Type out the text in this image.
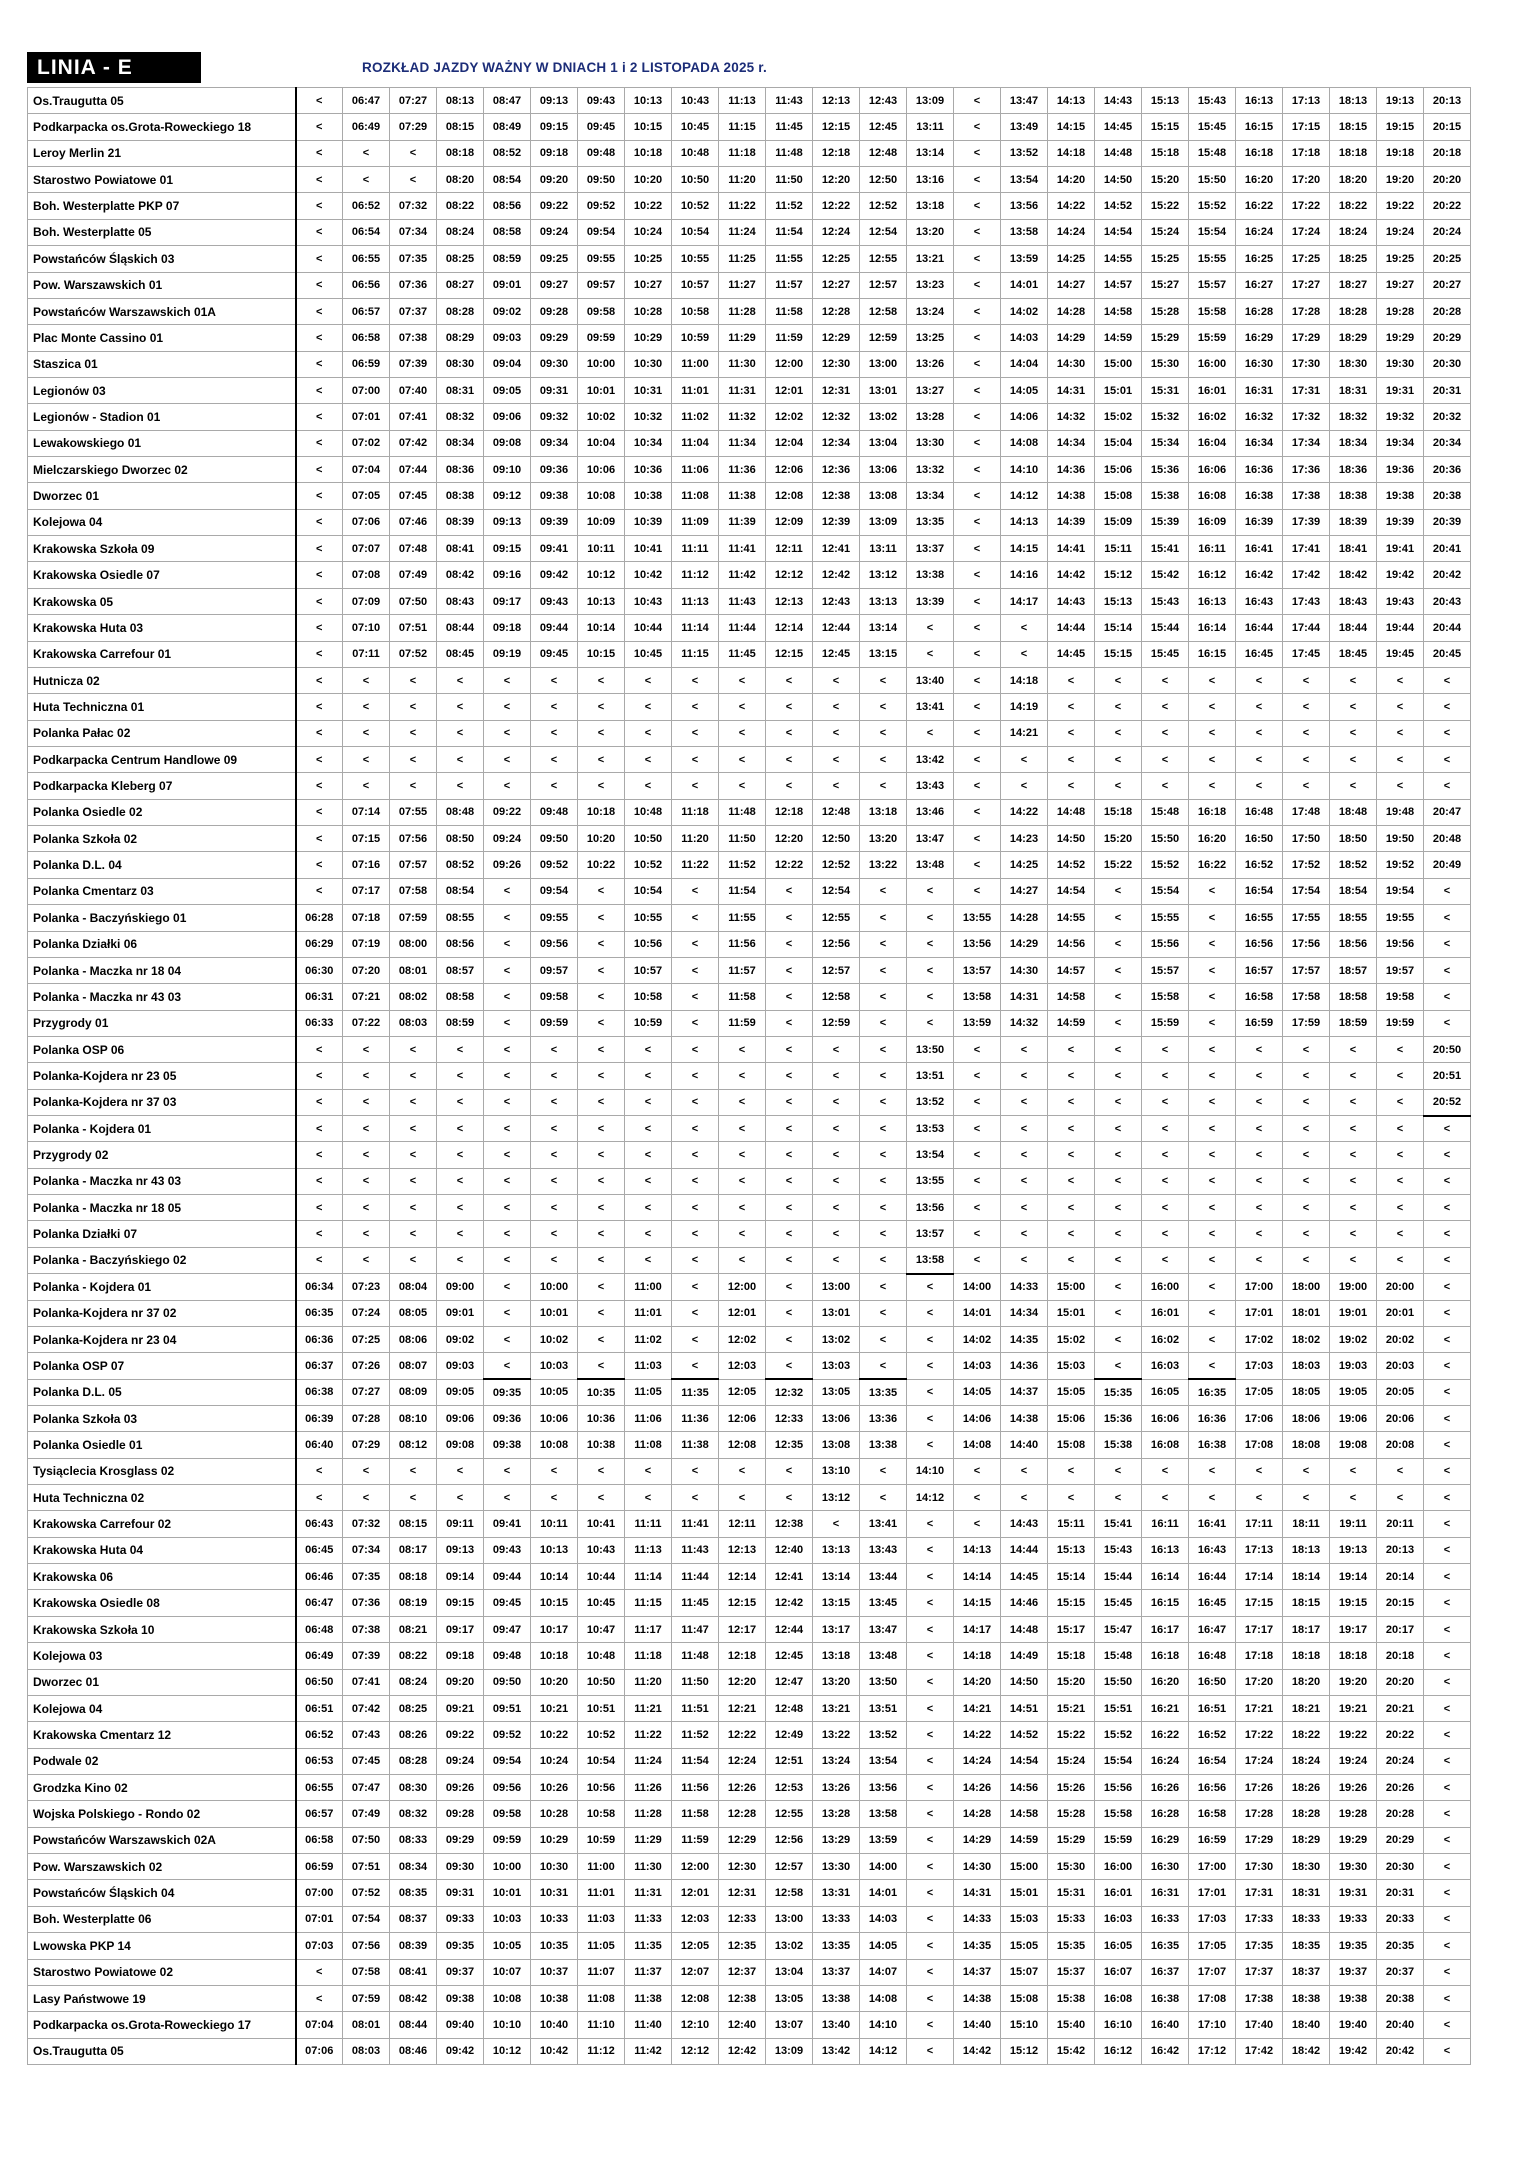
LINIA - E	ROZKŁAD JAZDY WAŻNY W DNIACH 1 i 2 LISTOPADA 2025 r.
Os.Traugutta 05	<	06:47	07:27	08:13	08:47	09:13	09:43	10:13	10:43	11:13	11:43	12:13	12:43	13:09	<	13:47	14:13	14:43	15:13	15:43	16:13	17:13	18:13	19:13	20:13
Podkarpacka os.Grota-Roweckiego 18	<	06:49	07:29	08:15	08:49	09:15	09:45	10:15	10:45	11:15	11:45	12:15	12:45	13:11	<	13:49	14:15	14:45	15:15	15:45	16:15	17:15	18:15	19:15	20:15
Leroy Merlin 21	<	<	<	08:18	08:52	09:18	09:48	10:18	10:48	11:18	11:48	12:18	12:48	13:14	<	13:52	14:18	14:48	15:18	15:48	16:18	17:18	18:18	19:18	20:18
Starostwo Powiatowe 01	<	<	<	08:20	08:54	09:20	09:50	10:20	10:50	11:20	11:50	12:20	12:50	13:16	<	13:54	14:20	14:50	15:20	15:50	16:20	17:20	18:20	19:20	20:20
Boh. Westerplatte PKP 07	<	06:52	07:32	08:22	08:56	09:22	09:52	10:22	10:52	11:22	11:52	12:22	12:52	13:18	<	13:56	14:22	14:52	15:22	15:52	16:22	17:22	18:22	19:22	20:22
Boh. Westerplatte 05	<	06:54	07:34	08:24	08:58	09:24	09:54	10:24	10:54	11:24	11:54	12:24	12:54	13:20	<	13:58	14:24	14:54	15:24	15:54	16:24	17:24	18:24	19:24	20:24
Powstańców Śląskich 03	<	06:55	07:35	08:25	08:59	09:25	09:55	10:25	10:55	11:25	11:55	12:25	12:55	13:21	<	13:59	14:25	14:55	15:25	15:55	16:25	17:25	18:25	19:25	20:25
Pow. Warszawskich 01	<	06:56	07:36	08:27	09:01	09:27	09:57	10:27	10:57	11:27	11:57	12:27	12:57	13:23	<	14:01	14:27	14:57	15:27	15:57	16:27	17:27	18:27	19:27	20:27
Powstańców Warszawskich 01A	<	06:57	07:37	08:28	09:02	09:28	09:58	10:28	10:58	11:28	11:58	12:28	12:58	13:24	<	14:02	14:28	14:58	15:28	15:58	16:28	17:28	18:28	19:28	20:28
Plac Monte Cassino 01	<	06:58	07:38	08:29	09:03	09:29	09:59	10:29	10:59	11:29	11:59	12:29	12:59	13:25	<	14:03	14:29	14:59	15:29	15:59	16:29	17:29	18:29	19:29	20:29
Staszica 01	<	06:59	07:39	08:30	09:04	09:30	10:00	10:30	11:00	11:30	12:00	12:30	13:00	13:26	<	14:04	14:30	15:00	15:30	16:00	16:30	17:30	18:30	19:30	20:30
Legionów 03	<	07:00	07:40	08:31	09:05	09:31	10:01	10:31	11:01	11:31	12:01	12:31	13:01	13:27	<	14:05	14:31	15:01	15:31	16:01	16:31	17:31	18:31	19:31	20:31
Legionów - Stadion 01	<	07:01	07:41	08:32	09:06	09:32	10:02	10:32	11:02	11:32	12:02	12:32	13:02	13:28	<	14:06	14:32	15:02	15:32	16:02	16:32	17:32	18:32	19:32	20:32
Lewakowskiego 01	<	07:02	07:42	08:34	09:08	09:34	10:04	10:34	11:04	11:34	12:04	12:34	13:04	13:30	<	14:08	14:34	15:04	15:34	16:04	16:34	17:34	18:34	19:34	20:34
Mielczarskiego Dworzec 02	<	07:04	07:44	08:36	09:10	09:36	10:06	10:36	11:06	11:36	12:06	12:36	13:06	13:32	<	14:10	14:36	15:06	15:36	16:06	16:36	17:36	18:36	19:36	20:36
Dworzec 01	<	07:05	07:45	08:38	09:12	09:38	10:08	10:38	11:08	11:38	12:08	12:38	13:08	13:34	<	14:12	14:38	15:08	15:38	16:08	16:38	17:38	18:38	19:38	20:38
Kolejowa 04	<	07:06	07:46	08:39	09:13	09:39	10:09	10:39	11:09	11:39	12:09	12:39	13:09	13:35	<	14:13	14:39	15:09	15:39	16:09	16:39	17:39	18:39	19:39	20:39
Krakowska Szkoła 09	<	07:07	07:48	08:41	09:15	09:41	10:11	10:41	11:11	11:41	12:11	12:41	13:11	13:37	<	14:15	14:41	15:11	15:41	16:11	16:41	17:41	18:41	19:41	20:41
Krakowska Osiedle 07	<	07:08	07:49	08:42	09:16	09:42	10:12	10:42	11:12	11:42	12:12	12:42	13:12	13:38	<	14:16	14:42	15:12	15:42	16:12	16:42	17:42	18:42	19:42	20:42
Krakowska 05	<	07:09	07:50	08:43	09:17	09:43	10:13	10:43	11:13	11:43	12:13	12:43	13:13	13:39	<	14:17	14:43	15:13	15:43	16:13	16:43	17:43	18:43	19:43	20:43
Krakowska Huta 03	<	07:10	07:51	08:44	09:18	09:44	10:14	10:44	11:14	11:44	12:14	12:44	13:14	<	<	<	14:44	15:14	15:44	16:14	16:44	17:44	18:44	19:44	20:44
Krakowska Carrefour 01	<	07:11	07:52	08:45	09:19	09:45	10:15	10:45	11:15	11:45	12:15	12:45	13:15	<	<	<	14:45	15:15	15:45	16:15	16:45	17:45	18:45	19:45	20:45
Hutnicza 02	<	<	<	<	<	<	<	<	<	<	<	<	<	13:40	<	14:18	<	<	<	<	<	<	<	<	<
Huta Techniczna 01	<	<	<	<	<	<	<	<	<	<	<	<	<	13:41	<	14:19	<	<	<	<	<	<	<	<	<
Polanka Pałac 02	<	<	<	<	<	<	<	<	<	<	<	<	<	<	<	14:21	<	<	<	<	<	<	<	<	<
Podkarpacka Centrum Handlowe 09	<	<	<	<	<	<	<	<	<	<	<	<	<	13:42	<	<	<	<	<	<	<	<	<	<	<
Podkarpacka Kleberg 07	<	<	<	<	<	<	<	<	<	<	<	<	<	13:43	<	<	<	<	<	<	<	<	<	<	<
Polanka Osiedle 02	<	07:14	07:55	08:48	09:22	09:48	10:18	10:48	11:18	11:48	12:18	12:48	13:18	13:46	<	14:22	14:48	15:18	15:48	16:18	16:48	17:48	18:48	19:48	20:47
Polanka Szkoła 02	<	07:15	07:56	08:50	09:24	09:50	10:20	10:50	11:20	11:50	12:20	12:50	13:20	13:47	<	14:23	14:50	15:20	15:50	16:20	16:50	17:50	18:50	19:50	20:48
Polanka D.L. 04	<	07:16	07:57	08:52	09:26	09:52	10:22	10:52	11:22	11:52	12:22	12:52	13:22	13:48	<	14:25	14:52	15:22	15:52	16:22	16:52	17:52	18:52	19:52	20:49
Polanka Cmentarz 03	<	07:17	07:58	08:54	<	09:54	<	10:54	<	11:54	<	12:54	<	<	<	14:27	14:54	<	15:54	<	16:54	17:54	18:54	19:54	<
Polanka - Baczyńskiego 01	06:28	07:18	07:59	08:55	<	09:55	<	10:55	<	11:55	<	12:55	<	<	13:55	14:28	14:55	<	15:55	<	16:55	17:55	18:55	19:55	<
Polanka Działki 06	06:29	07:19	08:00	08:56	<	09:56	<	10:56	<	11:56	<	12:56	<	<	13:56	14:29	14:56	<	15:56	<	16:56	17:56	18:56	19:56	<
Polanka - Maczka nr 18 04	06:30	07:20	08:01	08:57	<	09:57	<	10:57	<	11:57	<	12:57	<	<	13:57	14:30	14:57	<	15:57	<	16:57	17:57	18:57	19:57	<
Polanka - Maczka nr 43 03	06:31	07:21	08:02	08:58	<	09:58	<	10:58	<	11:58	<	12:58	<	<	13:58	14:31	14:58	<	15:58	<	16:58	17:58	18:58	19:58	<
Przygrody 01	06:33	07:22	08:03	08:59	<	09:59	<	10:59	<	11:59	<	12:59	<	<	13:59	14:32	14:59	<	15:59	<	16:59	17:59	18:59	19:59	<
Polanka OSP 06	<	<	<	<	<	<	<	<	<	<	<	<	<	13:50	<	<	<	<	<	<	<	<	<	<	20:50
Polanka-Kojdera nr 23 05	<	<	<	<	<	<	<	<	<	<	<	<	<	13:51	<	<	<	<	<	<	<	<	<	<	20:51
Polanka-Kojdera nr 37 03	<	<	<	<	<	<	<	<	<	<	<	<	<	13:52	<	<	<	<	<	<	<	<	<	<	20:52
Polanka - Kojdera 01	<	<	<	<	<	<	<	<	<	<	<	<	<	13:53	<	<	<	<	<	<	<	<	<	<	<
Przygrody 02	<	<	<	<	<	<	<	<	<	<	<	<	<	13:54	<	<	<	<	<	<	<	<	<	<	<
Polanka - Maczka nr 43 03	<	<	<	<	<	<	<	<	<	<	<	<	<	13:55	<	<	<	<	<	<	<	<	<	<	<
Polanka - Maczka nr 18 05	<	<	<	<	<	<	<	<	<	<	<	<	<	13:56	<	<	<	<	<	<	<	<	<	<	<
Polanka Działki 07	<	<	<	<	<	<	<	<	<	<	<	<	<	13:57	<	<	<	<	<	<	<	<	<	<	<
Polanka - Baczyńskiego 02	<	<	<	<	<	<	<	<	<	<	<	<	<	13:58	<	<	<	<	<	<	<	<	<	<	<
Polanka - Kojdera 01	06:34	07:23	08:04	09:00	<	10:00	<	11:00	<	12:00	<	13:00	<	<	14:00	14:33	15:00	<	16:00	<	17:00	18:00	19:00	20:00	<
Polanka-Kojdera nr 37 02	06:35	07:24	08:05	09:01	<	10:01	<	11:01	<	12:01	<	13:01	<	<	14:01	14:34	15:01	<	16:01	<	17:01	18:01	19:01	20:01	<
Polanka-Kojdera nr 23 04	06:36	07:25	08:06	09:02	<	10:02	<	11:02	<	12:02	<	13:02	<	<	14:02	14:35	15:02	<	16:02	<	17:02	18:02	19:02	20:02	<
Polanka OSP 07	06:37	07:26	08:07	09:03	<	10:03	<	11:03	<	12:03	<	13:03	<	<	14:03	14:36	15:03	<	16:03	<	17:03	18:03	19:03	20:03	<
Polanka D.L. 05	06:38	07:27	08:09	09:05	09:35	10:05	10:35	11:05	11:35	12:05	12:32	13:05	13:35	<	14:05	14:37	15:05	15:35	16:05	16:35	17:05	18:05	19:05	20:05	<
Polanka Szkoła 03	06:39	07:28	08:10	09:06	09:36	10:06	10:36	11:06	11:36	12:06	12:33	13:06	13:36	<	14:06	14:38	15:06	15:36	16:06	16:36	17:06	18:06	19:06	20:06	<
Polanka Osiedle 01	06:40	07:29	08:12	09:08	09:38	10:08	10:38	11:08	11:38	12:08	12:35	13:08	13:38	<	14:08	14:40	15:08	15:38	16:08	16:38	17:08	18:08	19:08	20:08	<
Tysiąclecia Krosglass 02	<	<	<	<	<	<	<	<	<	<	<	13:10	<	14:10	<	<	<	<	<	<	<	<	<	<	<
Huta Techniczna 02	<	<	<	<	<	<	<	<	<	<	<	13:12	<	14:12	<	<	<	<	<	<	<	<	<	<	<
Krakowska Carrefour 02	06:43	07:32	08:15	09:11	09:41	10:11	10:41	11:11	11:41	12:11	12:38	<	13:41	<	<	14:43	15:11	15:41	16:11	16:41	17:11	18:11	19:11	20:11	<
Krakowska Huta 04	06:45	07:34	08:17	09:13	09:43	10:13	10:43	11:13	11:43	12:13	12:40	13:13	13:43	<	14:13	14:44	15:13	15:43	16:13	16:43	17:13	18:13	19:13	20:13	<
Krakowska 06	06:46	07:35	08:18	09:14	09:44	10:14	10:44	11:14	11:44	12:14	12:41	13:14	13:44	<	14:14	14:45	15:14	15:44	16:14	16:44	17:14	18:14	19:14	20:14	<
Krakowska Osiedle 08	06:47	07:36	08:19	09:15	09:45	10:15	10:45	11:15	11:45	12:15	12:42	13:15	13:45	<	14:15	14:46	15:15	15:45	16:15	16:45	17:15	18:15	19:15	20:15	<
Krakowska Szkoła 10	06:48	07:38	08:21	09:17	09:47	10:17	10:47	11:17	11:47	12:17	12:44	13:17	13:47	<	14:17	14:48	15:17	15:47	16:17	16:47	17:17	18:17	19:17	20:17	<
Kolejowa 03	06:49	07:39	08:22	09:18	09:48	10:18	10:48	11:18	11:48	12:18	12:45	13:18	13:48	<	14:18	14:49	15:18	15:48	16:18	16:48	17:18	18:18	18:18	20:18	<
Dworzec 01	06:50	07:41	08:24	09:20	09:50	10:20	10:50	11:20	11:50	12:20	12:47	13:20	13:50	<	14:20	14:50	15:20	15:50	16:20	16:50	17:20	18:20	19:20	20:20	<
Kolejowa 04	06:51	07:42	08:25	09:21	09:51	10:21	10:51	11:21	11:51	12:21	12:48	13:21	13:51	<	14:21	14:51	15:21	15:51	16:21	16:51	17:21	18:21	19:21	20:21	<
Krakowska Cmentarz 12	06:52	07:43	08:26	09:22	09:52	10:22	10:52	11:22	11:52	12:22	12:49	13:22	13:52	<	14:22	14:52	15:22	15:52	16:22	16:52	17:22	18:22	19:22	20:22	<
Podwale 02	06:53	07:45	08:28	09:24	09:54	10:24	10:54	11:24	11:54	12:24	12:51	13:24	13:54	<	14:24	14:54	15:24	15:54	16:24	16:54	17:24	18:24	19:24	20:24	<
Grodzka Kino 02	06:55	07:47	08:30	09:26	09:56	10:26	10:56	11:26	11:56	12:26	12:53	13:26	13:56	<	14:26	14:56	15:26	15:56	16:26	16:56	17:26	18:26	19:26	20:26	<
Wojska Polskiego - Rondo 02	06:57	07:49	08:32	09:28	09:58	10:28	10:58	11:28	11:58	12:28	12:55	13:28	13:58	<	14:28	14:58	15:28	15:58	16:28	16:58	17:28	18:28	19:28	20:28	<
Powstańców Warszawskich 02A	06:58	07:50	08:33	09:29	09:59	10:29	10:59	11:29	11:59	12:29	12:56	13:29	13:59	<	14:29	14:59	15:29	15:59	16:29	16:59	17:29	18:29	19:29	20:29	<
Pow. Warszawskich 02	06:59	07:51	08:34	09:30	10:00	10:30	11:00	11:30	12:00	12:30	12:57	13:30	14:00	<	14:30	15:00	15:30	16:00	16:30	17:00	17:30	18:30	19:30	20:30	<
Powstańców Śląskich 04	07:00	07:52	08:35	09:31	10:01	10:31	11:01	11:31	12:01	12:31	12:58	13:31	14:01	<	14:31	15:01	15:31	16:01	16:31	17:01	17:31	18:31	19:31	20:31	<
Boh. Westerplatte 06	07:01	07:54	08:37	09:33	10:03	10:33	11:03	11:33	12:03	12:33	13:00	13:33	14:03	<	14:33	15:03	15:33	16:03	16:33	17:03	17:33	18:33	19:33	20:33	<
Lwowska PKP 14	07:03	07:56	08:39	09:35	10:05	10:35	11:05	11:35	12:05	12:35	13:02	13:35	14:05	<	14:35	15:05	15:35	16:05	16:35	17:05	17:35	18:35	19:35	20:35	<
Starostwo Powiatowe 02	<	07:58	08:41	09:37	10:07	10:37	11:07	11:37	12:07	12:37	13:04	13:37	14:07	<	14:37	15:07	15:37	16:07	16:37	17:07	17:37	18:37	19:37	20:37	<
Lasy Państwowe 19	<	07:59	08:42	09:38	10:08	10:38	11:08	11:38	12:08	12:38	13:05	13:38	14:08	<	14:38	15:08	15:38	16:08	16:38	17:08	17:38	18:38	19:38	20:38	<
Podkarpacka os.Grota-Roweckiego 17	07:04	08:01	08:44	09:40	10:10	10:40	11:10	11:40	12:10	12:40	13:07	13:40	14:10	<	14:40	15:10	15:40	16:10	16:40	17:10	17:40	18:40	19:40	20:40	<
Os.Traugutta 05	07:06	08:03	08:46	09:42	10:12	10:42	11:12	11:42	12:12	12:42	13:09	13:42	14:12	<	14:42	15:12	15:42	16:12	16:42	17:12	17:42	18:42	19:42	20:42	<
